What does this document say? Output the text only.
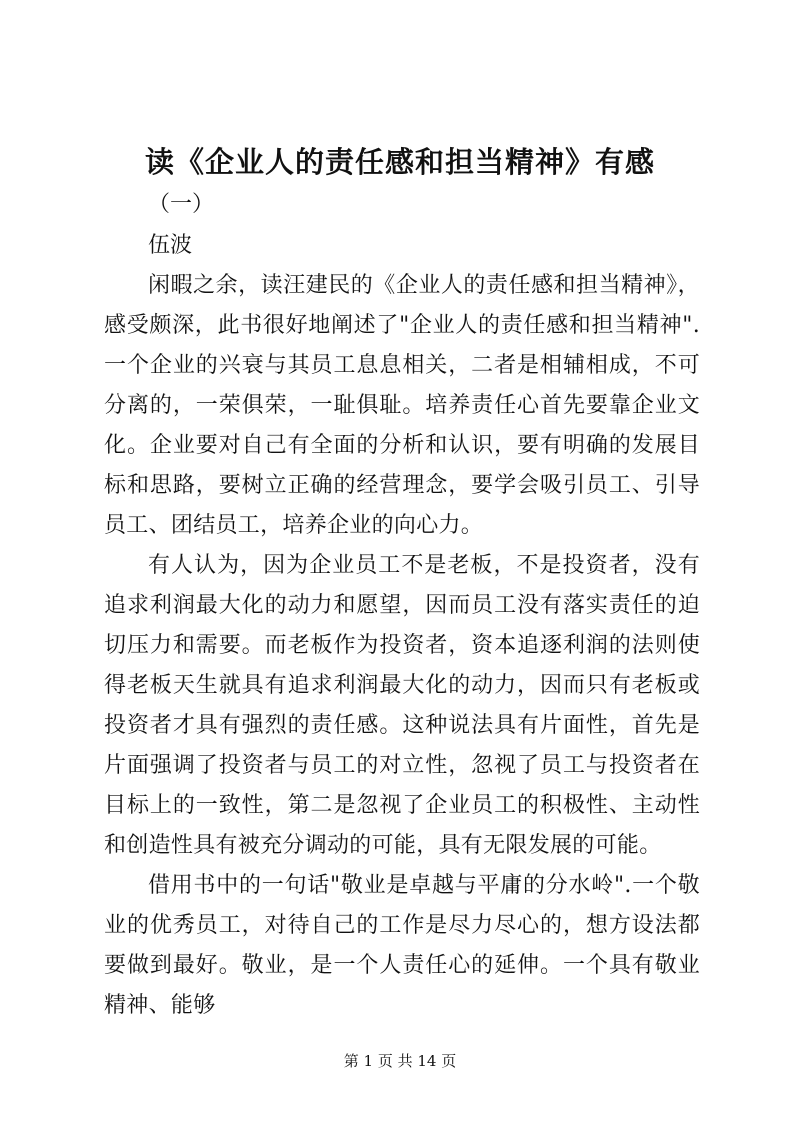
读《企业人的责任感和担当精神》有感
（一）
伍波

闲暇之余，读汪建民的《企业人的责任感和担当精神》，感受颇深，此书很好地阐述了"企业人的责任感和担当精神".一个企业的兴衰与其员工息息相关，二者是相辅相成，不可分离的，一荣俱荣，一耻俱耻。培养责任心首先要靠企业文化。企业要对自己有全面的分析和认识，要有明确的发展目标和思路，要树立正确的经营理念，要学会吸引员工、引导员工、团结员工，培养企业的向心力。

有人认为，因为企业员工不是老板，不是投资者，没有追求利润最大化的动力和愿望，因而员工没有落实责任的迫切压力和需要。而老板作为投资者，资本追逐利润的法则使得老板天生就具有追求利润最大化的动力，因而只有老板或投资者才具有强烈的责任感。这种说法具有片面性，首先是片面强调了投资者与员工的对立性，忽视了员工与投资者在目标上的一致性，第二是忽视了企业员工的积极性、主动性和创造性具有被充分调动的可能，具有无限发展的可能。

借用书中的一句话"敬业是卓越与平庸的分水岭".一个敬业的优秀员工，对待自己的工作是尽力尽心的，想方设法都要做到最好。敬业，是一个人责任心的延伸。一个具有敬业精神、能够

第 1 页 共 14 页
